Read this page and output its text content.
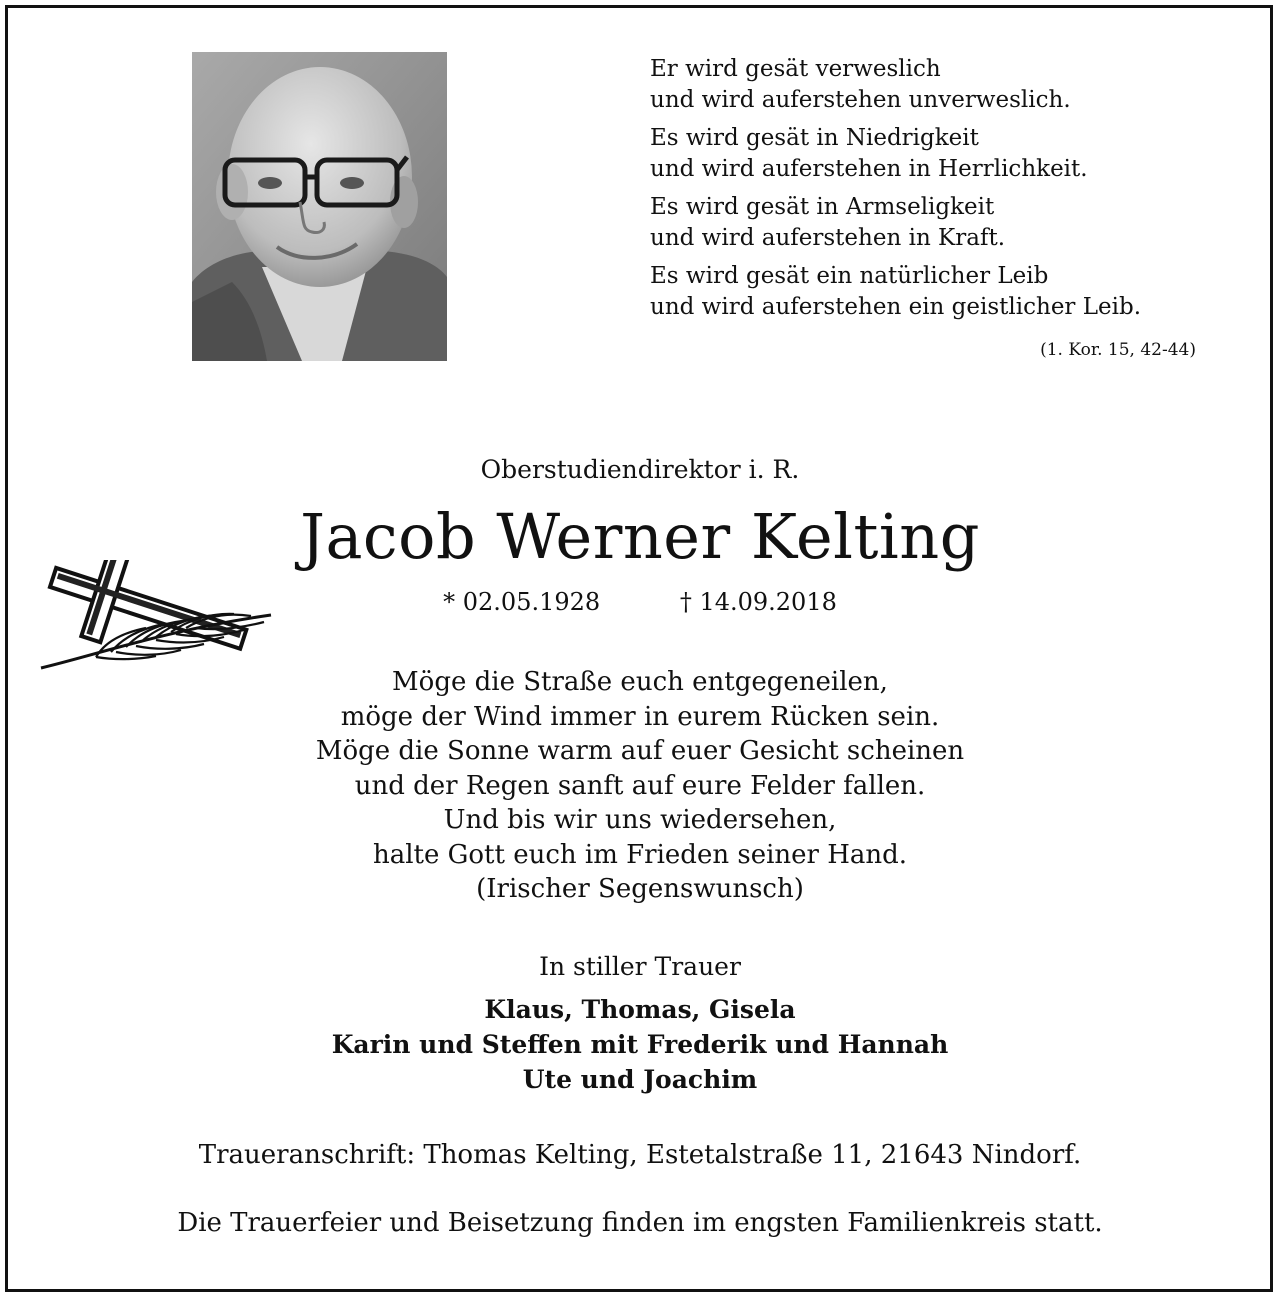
Er wird gesät verweslich
und wird auferstehen unverweslich.
Es wird gesät in Niedrigkeit
und wird auferstehen in Herrlichkeit.
Es wird gesät in Armseligkeit
und wird auferstehen in Kraft.
Es wird gesät ein natürlicher Leib
und wird auferstehen ein geistlicher Leib.
(1. Kor. 15, 42-44)
Oberstudiendirektor i. R.
Jacob Werner Kelting
* 02.05.1928	† 14.09.2018
Möge die Straße euch entgegeneilen,
möge der Wind immer in eurem Rücken sein.
Möge die Sonne warm auf euer Gesicht scheinen
und der Regen sanft auf eure Felder fallen.
Und bis wir uns wiedersehen,
halte Gott euch im Frieden seiner Hand.
(Irischer Segenswunsch)
In stiller Trauer
Klaus, Thomas, Gisela
Karin und Steffen mit Frederik und Hannah
Ute und Joachim
Traueranschrift: Thomas Kelting, Estetalstraße 11, 21643 Nindorf.
Die Trauerfeier und Beisetzung finden im engsten Familienkreis statt.
